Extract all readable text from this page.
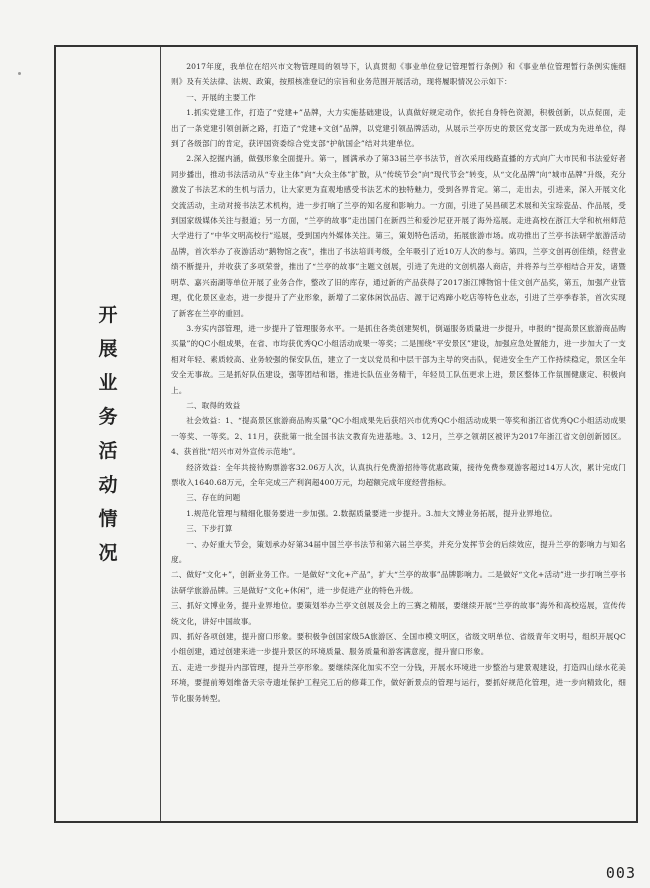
开
展
业
务
活
动
情
况

2017年度，我单位在绍兴市文物管理局的领导下，认真贯彻《事业单位登记管理暂行条例》和《事业单位管理暂行条例实施细则》及有关法律、法规、政策，按照核准登记的宗旨和业务范围开展活动，现将履职情况公示如下：

一、开展的主要工作

1.抓实党建工作，打造了“党建+”品牌，大力实施基础建设，认真做好规定动作，依托自身特色资源，积极创新，以点促面，走出了一条党建引领创新之路，打造了“党建+文创”品牌，以党建引领品牌活动，从展示兰亭历史的景区党支部一跃成为先进单位，得到了各级部门的肯定，获评国资委综合党支部“护航国企”结对共建单位。

2.深入挖掘内涵，做强形象全面提升。第一，圆满承办了第33届兰亭书法节，首次采用线路直播的方式向广大市民和书法爱好者同步播出，推动书法活动从“专业主体”向“大众主体”扩散，从“传统节会”向“现代节会”转变，从“文化品牌”向“城市品牌”升级，充分激发了书法艺术的生机与活力，让大家更为直观地感受书法艺术的独特魅力，受到各界肯定。第二，走出去，引进来，深入开展文化交流活动，主动对接书法艺术机构，进一步打响了兰亭的知名度和影响力。一方面，引进了吴昌硕艺术展和关宝琮瓷品、作品展，受到国家级媒体关注与报道；另一方面，“兰亭的故事”走出国门在新西兰和爱沙尼亚开展了海外巡展。走进高校在浙江大学和杭州师范大学进行了“中华文明高校行”巡展，受到国内外媒体关注。第三，策划特色活动，拓展旅游市场。成功推出了兰亭书法研学旅游活动品牌，首次举办了夜游活动“鹅物馆之夜”，推出了书法培训考级，全年吸引了近10万人次的参与。第四，兰亭文创再创佳绩，经营业绩不断提升，并收获了多项荣誉，推出了“兰亭的故事”主题文创展，引进了先进的文创机器人商店，并将养与兰亭相结合开发，诸暨明草、嘉兴南湖等单位开展了业务合作，整改了旧的库存，通过新的产品获得了2017浙江博物馆十佳文创产品奖，第五，加强产业管理，优化景区业态，进一步提升了产业形象，新增了二家体闲饮品店、源于记鸡蹄小吃店等特色业态，引进了兰亭季春茶，首次实现了新客在兰亭的重回。

3.夯实内部管理，进一步提升了管理服务水平。一是抓住各类创建契机，倒逼服务质量进一步提升，申报的“提高景区旅游商品购买量”的QC小组成果，在省、市均获优秀QC小组活动成果一等奖；二是围绕“平安景区”建设，加强应急处置能力，进一步加大了一支相对年轻、素质较高、业务较强的保安队伍，建立了一支以党员和中层干部为主导的突击队，促进安全生产工作持续稳定，景区全年安全无事故。三是抓好队伍建设，强等团结和谐，推进长队伍业务精干，年轻员工队伍更求上进，景区整体工作氛围健康定、积极向上。

二、取得的效益

社会效益：1、“提高景区旅游商品购买量”QC小组成果先后获绍兴市优秀QC小组活动成果一等奖和浙江省优秀QC小组活动成果一等奖、一等奖。2、11月，获批第一批全国书法文教育先进基地。3、12月，兰亭之领胡区被评为2017年浙江省文创创新园区。4、获首批“绍兴市对外宣传示范地”。

经济效益：全年共接待购票游客32.06万人次，认真执行免费游招待等优惠政策，接待免费参观游客超过14万人次，累计完成门票收入1640.68万元，全年完成三产利润超400万元，均超额完成年度经营指标。

三、存在的问题

1.规范化管理与精细化服务要进一步加强。2.数据质量要进一步提升。3.加大文博业务拓展，提升业界地位。

三、下步打算

一、办好重大节会，策划承办好第34届中国兰亭书法节和第六届兰亭奖，并充分发挥节会的后续效应，提升兰亭的影响力与知名度。

二、做好“文化+”，创新业务工作。一是做好“文化+产品”，扩大“兰亭的故事”品牌影响力。二是做好“文化+活动”进一步打响兰亭书法研学旅游品牌。三是做好“文化+休闲”，进一步促进产业的特色升级。

三、抓好文博业务，提升业界地位。要策划举办兰亭文创展及会上的三赛之精展，要继续开展“兰亭的故事”海外和高校巡展，宣传传统文化，讲好中国故事。

四、抓好各项创建，提升窗口形象。要积极争创国家级5A旅游区、全国市模文明区，省级文明单位、省级青年文明号，组织开展QC小组创建，通过创建来进一步提升景区的环境质量、服务质量和游客满意度，提升窗口形象。

五、走进一步提升内部管理，提升兰亭形象。要继续深化加实不空一分钱，开展水环境进一步整治与建景观建设，打造四山绿水花美环境，要提前筹划维备天宗寺遗址保护工程完工后的修葺工作，做好新景点的管理与运行，要抓好规范化管理，进一步向精致化，细节化服务转型。

003
